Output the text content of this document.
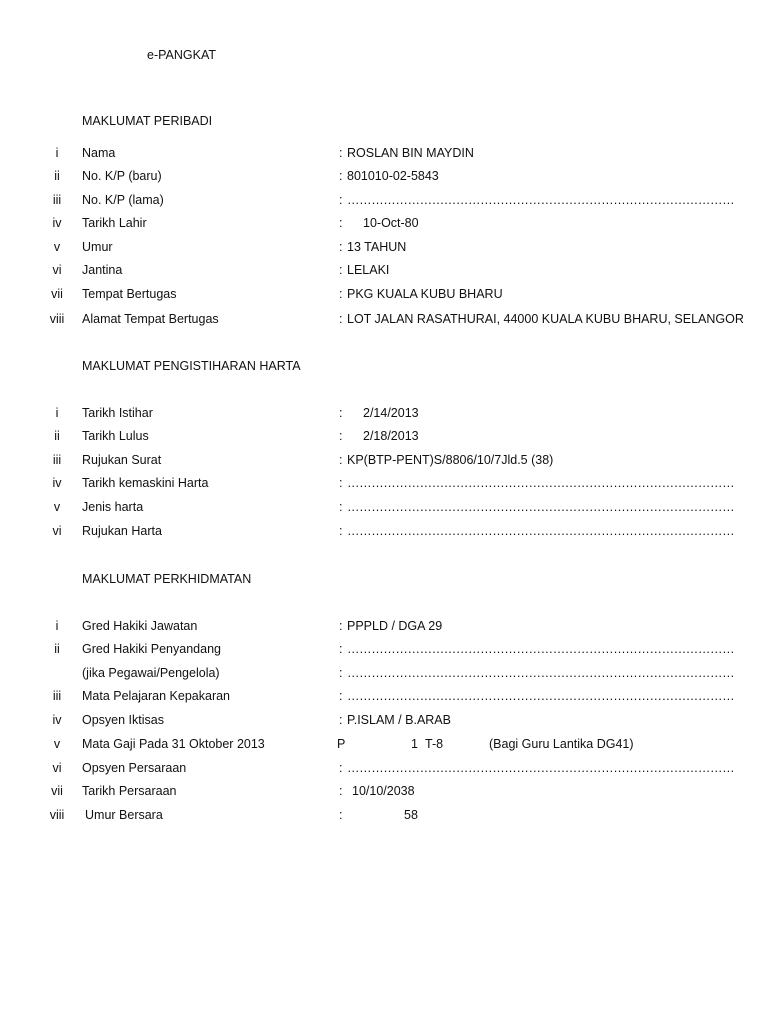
e-PANGKAT
MAKLUMAT PERIBADI
i	Nama	: ROSLAN BIN MAYDIN
ii	No. K/P (baru)	: 801010-02-5843
iii	No. K/P (lama)	: ……………………………………………………………………………………
iv	Tarikh Lahir	: 10-Oct-80
v	Umur	: 13 TAHUN
vi	Jantina	: LELAKI
vii	Tempat Bertugas	: PKG KUALA KUBU BHARU
viii	Alamat Tempat Bertugas	: LOT JALAN RASATHURAI, 44000 KUALA KUBU BHARU, SELANGOR
MAKLUMAT PENGISTIHARAN HARTA
i	Tarikh Istihar	: 2/14/2013
ii	Tarikh Lulus	: 2/18/2013
iii	Rujukan Surat	: KP(BTP-PENT)S/8806/10/7Jld.5 (38)
iv	Tarikh kemaskini Harta	: ……………………………………………………………………………………
v	Jenis harta	: ……………………………………………………………………………………
vi	Rujukan Harta	: ……………………………………………………………………………………
MAKLUMAT PERKHIDMATAN
i	Gred Hakiki Jawatan	: PPPLD / DGA 29
ii	Gred Hakiki Penyandang	: ……………………………………………………………………………………
(jika Pegawai/Pengelola)	: ……………………………………………………………………………………
iii	Mata Pelajaran Kepakaran	: ……………………………………………………………………………………
iv	Opsyen Iktisas	: P.ISLAM / B.ARAB
v	Mata Gaji Pada 31 Oktober 2013	P	1 T-8	(Bagi Guru Lantika DG41)
vi	Opsyen Persaraan	: ……………………………………………………………………………………
vii	Tarikh Persaraan	: 10/10/2038
viii	Umur Bersara	:	58
